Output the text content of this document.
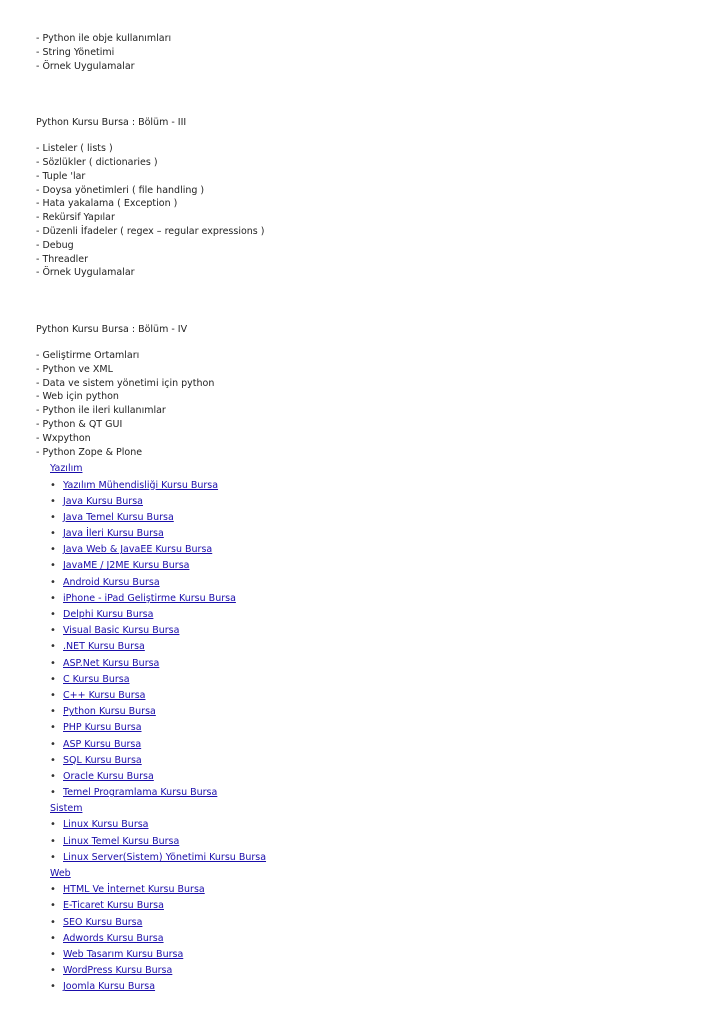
- Python ile obje kullanımları
- String Yönetimi
- Örnek Uygulamalar
Python Kursu Bursa : Bölüm - III
- Listeler ( lists )
- Sözlükler ( dictionaries )
- Tuple 'lar
- Doysa yönetimleri ( file handling )
- Hata yakalama ( Exception )
- Rekürsif Yapılar
- Düzenli İfadeler ( regex – regular expressions )
- Debug
- Threadler
- Örnek Uygulamalar
Python Kursu Bursa : Bölüm - IV
- Geliştirme Ortamları
- Python ve XML
- Data ve sistem yönetimi için python
- Web için python
- Python ile ileri kullanımlar
- Python & QT GUI
- Wxpython
- Python Zope & Plone
Yazılım
• Yazılım Mühendisliği Kursu Bursa
• Java Kursu Bursa
• Java Temel Kursu Bursa
• Java İleri Kursu Bursa
• Java Web & JavaEE Kursu Bursa
• JavaME / J2ME Kursu Bursa
• Android Kursu Bursa
• iPhone - iPad Geliştirme Kursu Bursa
• Delphi Kursu Bursa
• Visual Basic Kursu Bursa
• .NET Kursu Bursa
• ASP.Net Kursu Bursa
• C Kursu Bursa
• C++ Kursu Bursa
• Python Kursu Bursa
• PHP Kursu Bursa
• ASP Kursu Bursa
• SQL Kursu Bursa
• Oracle Kursu Bursa
• Temel Programlama Kursu Bursa
Sistem
• Linux Kursu Bursa
• Linux Temel Kursu Bursa
• Linux Server(Sistem) Yönetimi Kursu Bursa
Web
• HTML Ve İnternet Kursu Bursa
• E-Ticaret Kursu Bursa
• SEO Kursu Bursa
• Adwords Kursu Bursa
• Web Tasarım Kursu Bursa
• WordPress Kursu Bursa
• Joomla Kursu Bursa
